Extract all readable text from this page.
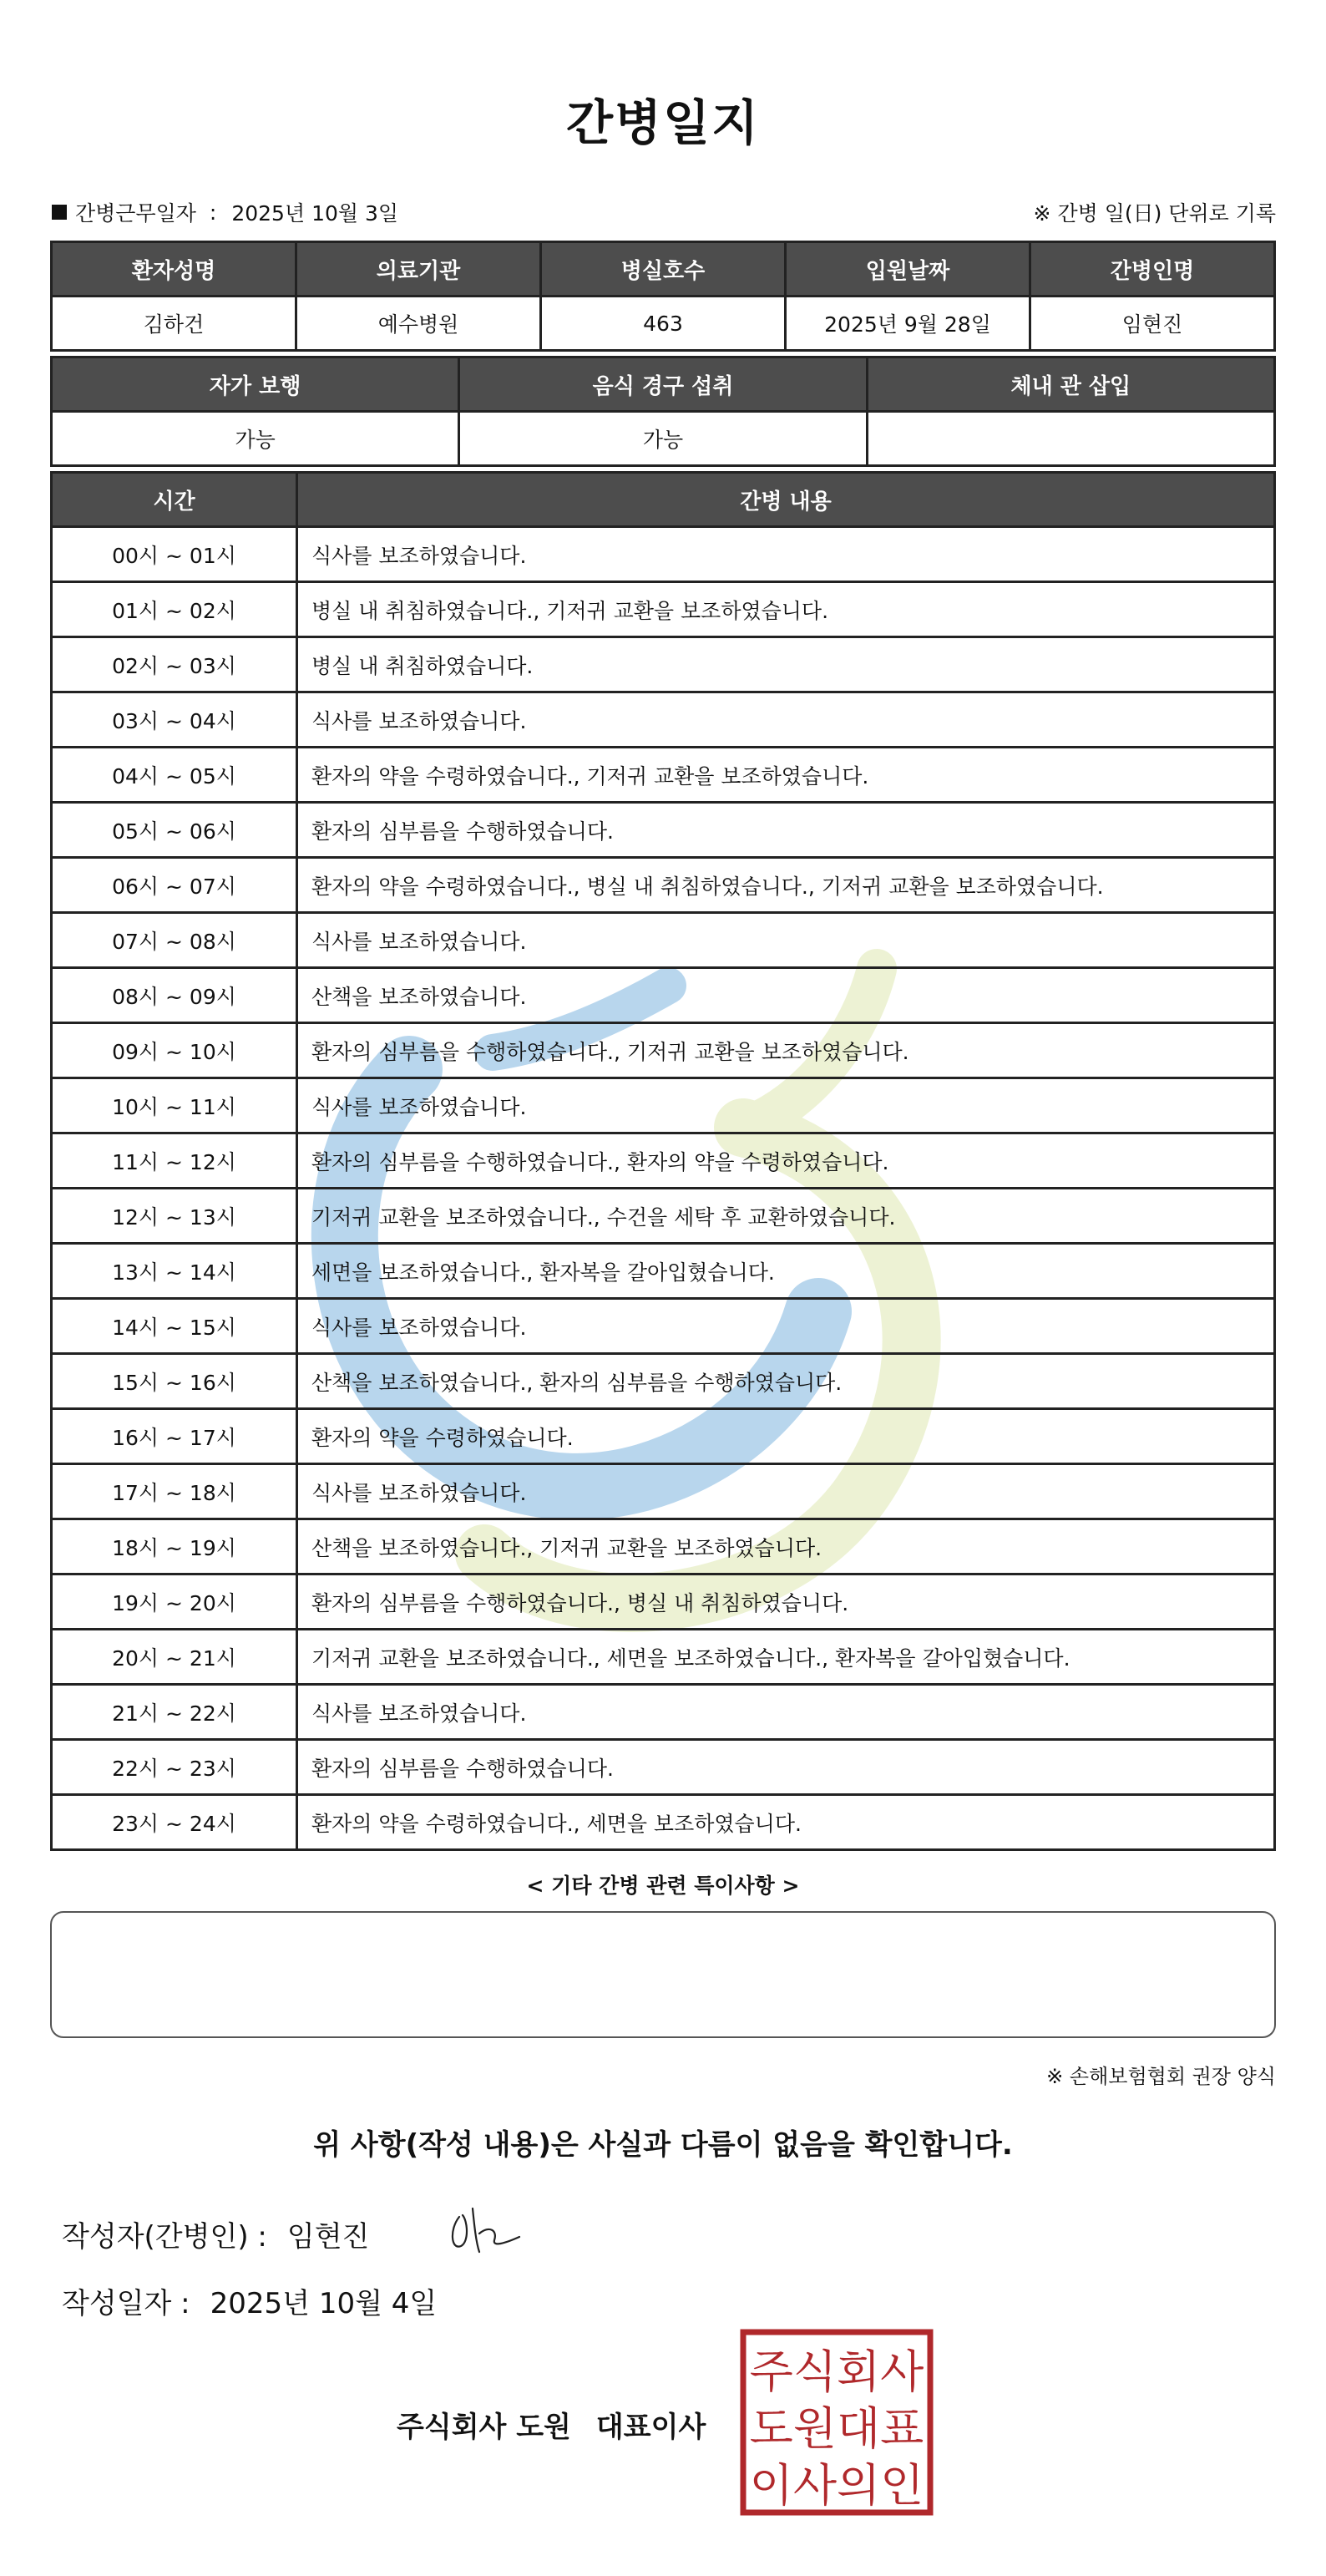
간병일지
간병근무일자 : 2025년 10월 3일	※ 간병 일(日) 단위로 기록
환자성명	의료기관	병실호수	입원날짜	간병인명
김하건	예수병원	463	2025년 9월 28일	임현진
자가 보행	음식 경구 섭취	체내 관 삽입
가능	가능	
시간	간병 내용
00시 ~ 01시	식사를 보조하였습니다.
01시 ~ 02시	병실 내 취침하였습니다., 기저귀 교환을 보조하였습니다.
02시 ~ 03시	병실 내 취침하였습니다.
03시 ~ 04시	식사를 보조하였습니다.
04시 ~ 05시	환자의 약을 수령하였습니다., 기저귀 교환을 보조하였습니다.
05시 ~ 06시	환자의 심부름을 수행하였습니다.
06시 ~ 07시	환자의 약을 수령하였습니다., 병실 내 취침하였습니다., 기저귀 교환을 보조하였습니다.
07시 ~ 08시	식사를 보조하였습니다.
08시 ~ 09시	산책을 보조하였습니다.
09시 ~ 10시	환자의 심부름을 수행하였습니다., 기저귀 교환을 보조하였습니다.
10시 ~ 11시	식사를 보조하였습니다.
11시 ~ 12시	환자의 심부름을 수행하였습니다., 환자의 약을 수령하였습니다.
12시 ~ 13시	기저귀 교환을 보조하였습니다., 수건을 세탁 후 교환하였습니다.
13시 ~ 14시	세면을 보조하였습니다., 환자복을 갈아입혔습니다.
14시 ~ 15시	식사를 보조하였습니다.
15시 ~ 16시	산책을 보조하였습니다., 환자의 심부름을 수행하였습니다.
16시 ~ 17시	환자의 약을 수령하였습니다.
17시 ~ 18시	식사를 보조하였습니다.
18시 ~ 19시	산책을 보조하였습니다., 기저귀 교환을 보조하였습니다.
19시 ~ 20시	환자의 심부름을 수행하였습니다., 병실 내 취침하였습니다.
20시 ~ 21시	기저귀 교환을 보조하였습니다., 세면을 보조하였습니다., 환자복을 갈아입혔습니다.
21시 ~ 22시	식사를 보조하였습니다.
22시 ~ 23시	환자의 심부름을 수행하였습니다.
23시 ~ 24시	환자의 약을 수령하였습니다., 세면을 보조하였습니다.
< 기타 간병 관련 특이사항 >
※ 손해보험협회 권장 양식
위 사항(작성 내용)은 사실과 다름이 없음을 확인합니다.
작성자(간병인) : 임현진
작성일자 : 2025년 10월 4일
주식회사 도원 대표이사
주식회사
도원대표
이사의인
